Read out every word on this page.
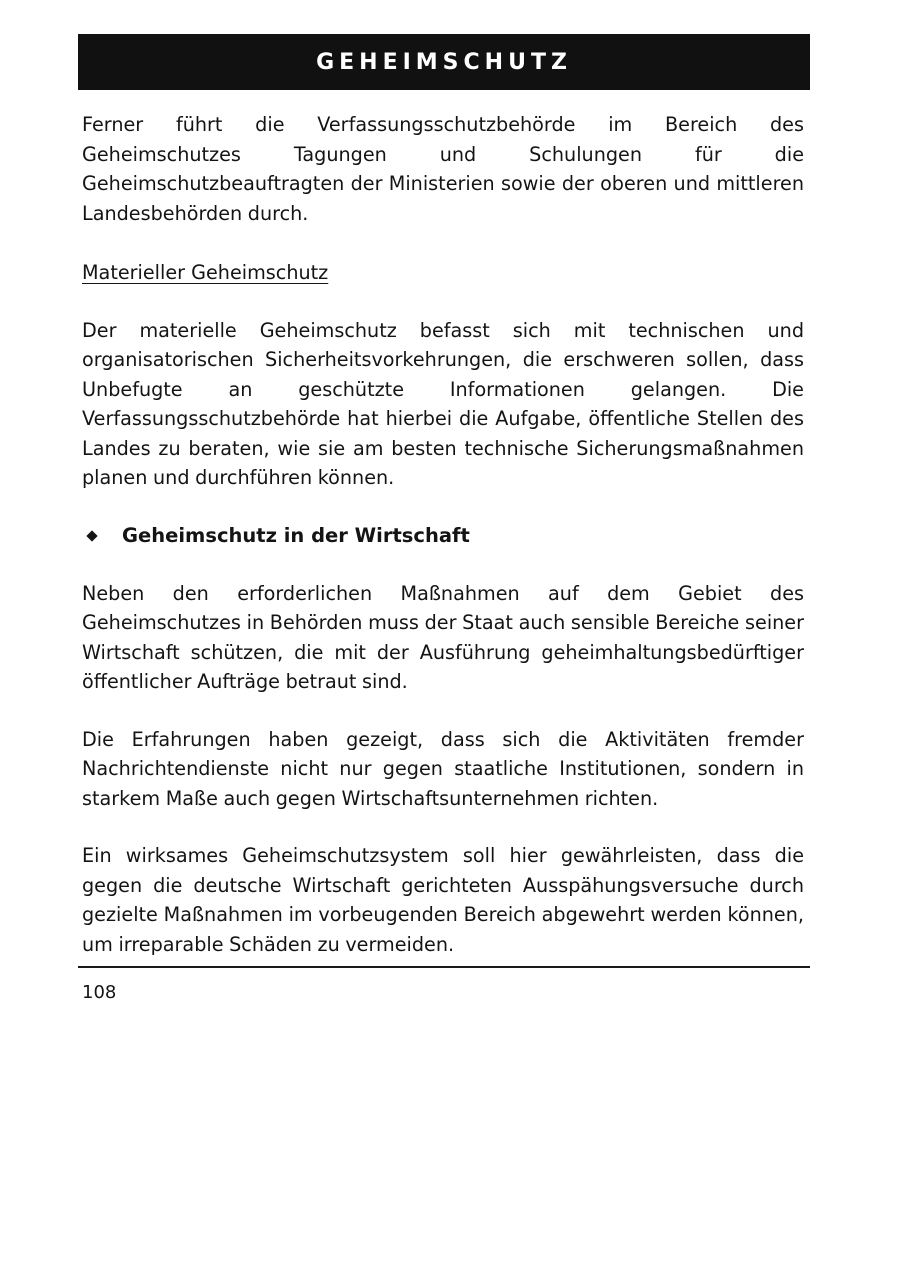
GEHEIMSCHUTZ

Ferner führt die Verfassungsschutzbehörde im Bereich des Geheimschutzes Tagungen und Schulungen für die Geheimschutzbeauftragten der Ministerien sowie der oberen und mittleren Landesbehörden durch.

Materieller Geheimschutz

Der materielle Geheimschutz befasst sich mit technischen und organisatorischen Sicherheitsvorkehrungen, die erschweren sollen, dass Unbefugte an geschützte Informationen gelangen. Die Verfassungsschutzbehörde hat hierbei die Aufgabe, öffentliche Stellen des Landes zu beraten, wie sie am besten technische Sicherungsmaßnahmen planen und durchführen können.

Geheimschutz in der Wirtschaft

Neben den erforderlichen Maßnahmen auf dem Gebiet des Geheimschutzes in Behörden muss der Staat auch sensible Bereiche seiner Wirtschaft schützen, die mit der Ausführung geheimhaltungsbedürftiger öffentlicher Aufträge betraut sind.

Die Erfahrungen haben gezeigt, dass sich die Aktivitäten fremder Nachrichtendienste nicht nur gegen staatliche Institutionen, sondern in starkem Maße auch gegen Wirtschaftsunternehmen richten.

Ein wirksames Geheimschutzsystem soll hier gewährleisten, dass die gegen die deutsche Wirtschaft gerichteten Ausspähungsversuche durch gezielte Maßnahmen im vorbeugenden Bereich abgewehrt werden können, um irreparable Schäden zu vermeiden.

108
